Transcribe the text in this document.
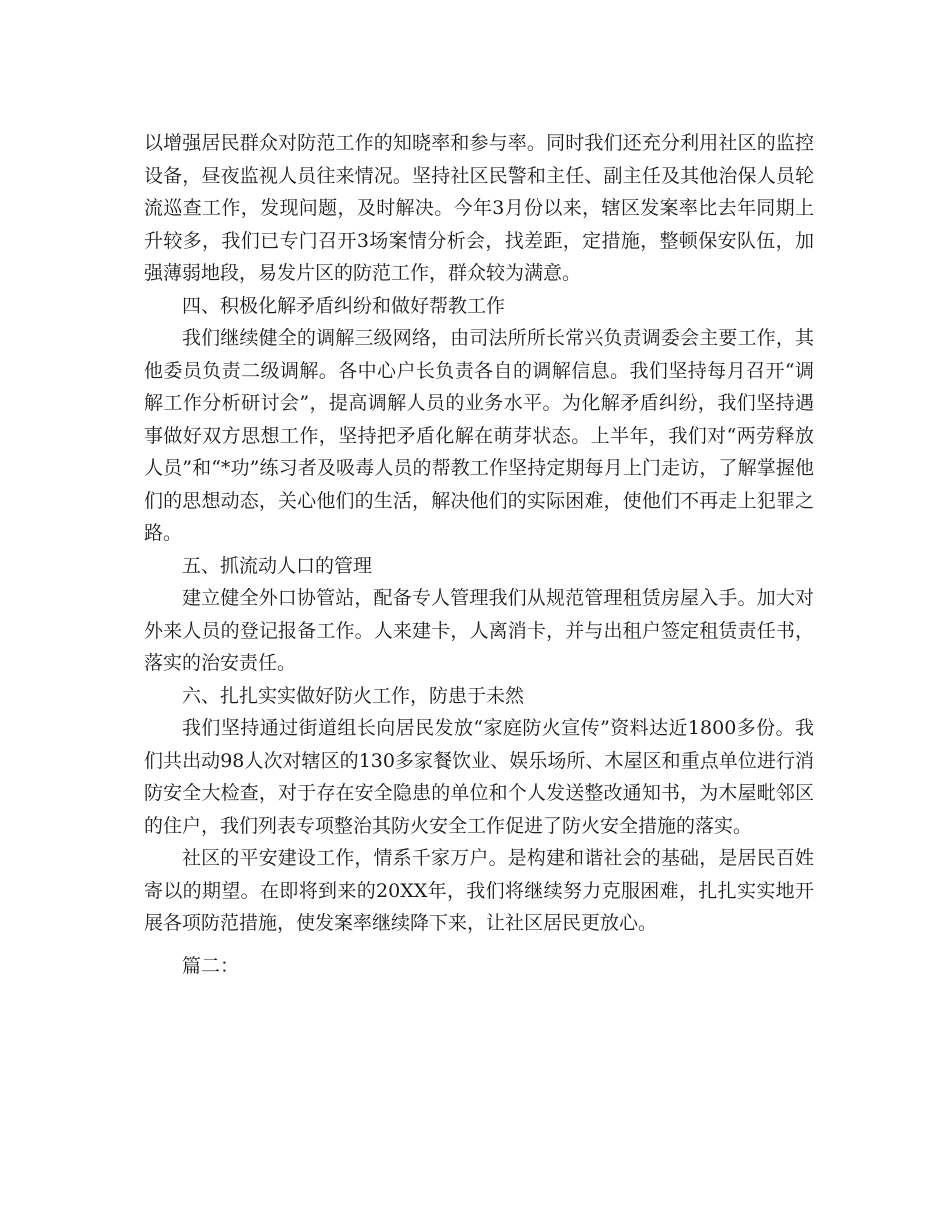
以增强居民群众对防范工作的知晓率和参与率。同时我们还充分利用社区的监控设备，昼夜监视人员往来情况。坚持社区民警和主任、副主任及其他治保人员轮流巡查工作，发现问题，及时解决。今年3月份以来，辖区发案率比去年同期上升较多，我们已专门召开3场案情分析会，找差距，定措施，整顿保安队伍，加强薄弱地段，易发片区的防范工作，群众较为满意。

四、积极化解矛盾纠纷和做好帮教工作

我们继续健全的调解三级网络，由司法所所长常兴负责调委会主要工作，其他委员负责二级调解。各中心户长负责各自的调解信息。我们坚持每月召开“调解工作分析研讨会”，提高调解人员的业务水平。为化解矛盾纠纷，我们坚持遇事做好双方思想工作，坚持把矛盾化解在萌芽状态。上半年，我们对“两劳释放人员”和“*功”练习者及吸毒人员的帮教工作坚持定期每月上门走访，了解掌握他们的思想动态，关心他们的生活，解决他们的实际困难，使他们不再走上犯罪之路。

五、抓流动人口的管理

建立健全外口协管站，配备专人管理我们从规范管理租赁房屋入手。加大对外来人员的登记报备工作。人来建卡，人离消卡，并与出租户签定租赁责任书，落实的治安责任。

六、扎扎实实做好防火工作，防患于未然

我们坚持通过街道组长向居民发放“家庭防火宣传”资料达近1800多份。我们共出动98人次对辖区的130多家餐饮业、娱乐场所、木屋区和重点单位进行消防安全大检查，对于存在安全隐患的单位和个人发送整改通知书，为木屋毗邻区的住户，我们列表专项整治其防火安全工作促进了防火安全措施的落实。

社区的平安建设工作，情系千家万户。是构建和谐社会的基础，是居民百姓寄以的期望。在即将到来的20XX年，我们将继续努力克服困难，扎扎实实地开展各项防范措施，使发案率继续降下来，让社区居民更放心。

篇二：
